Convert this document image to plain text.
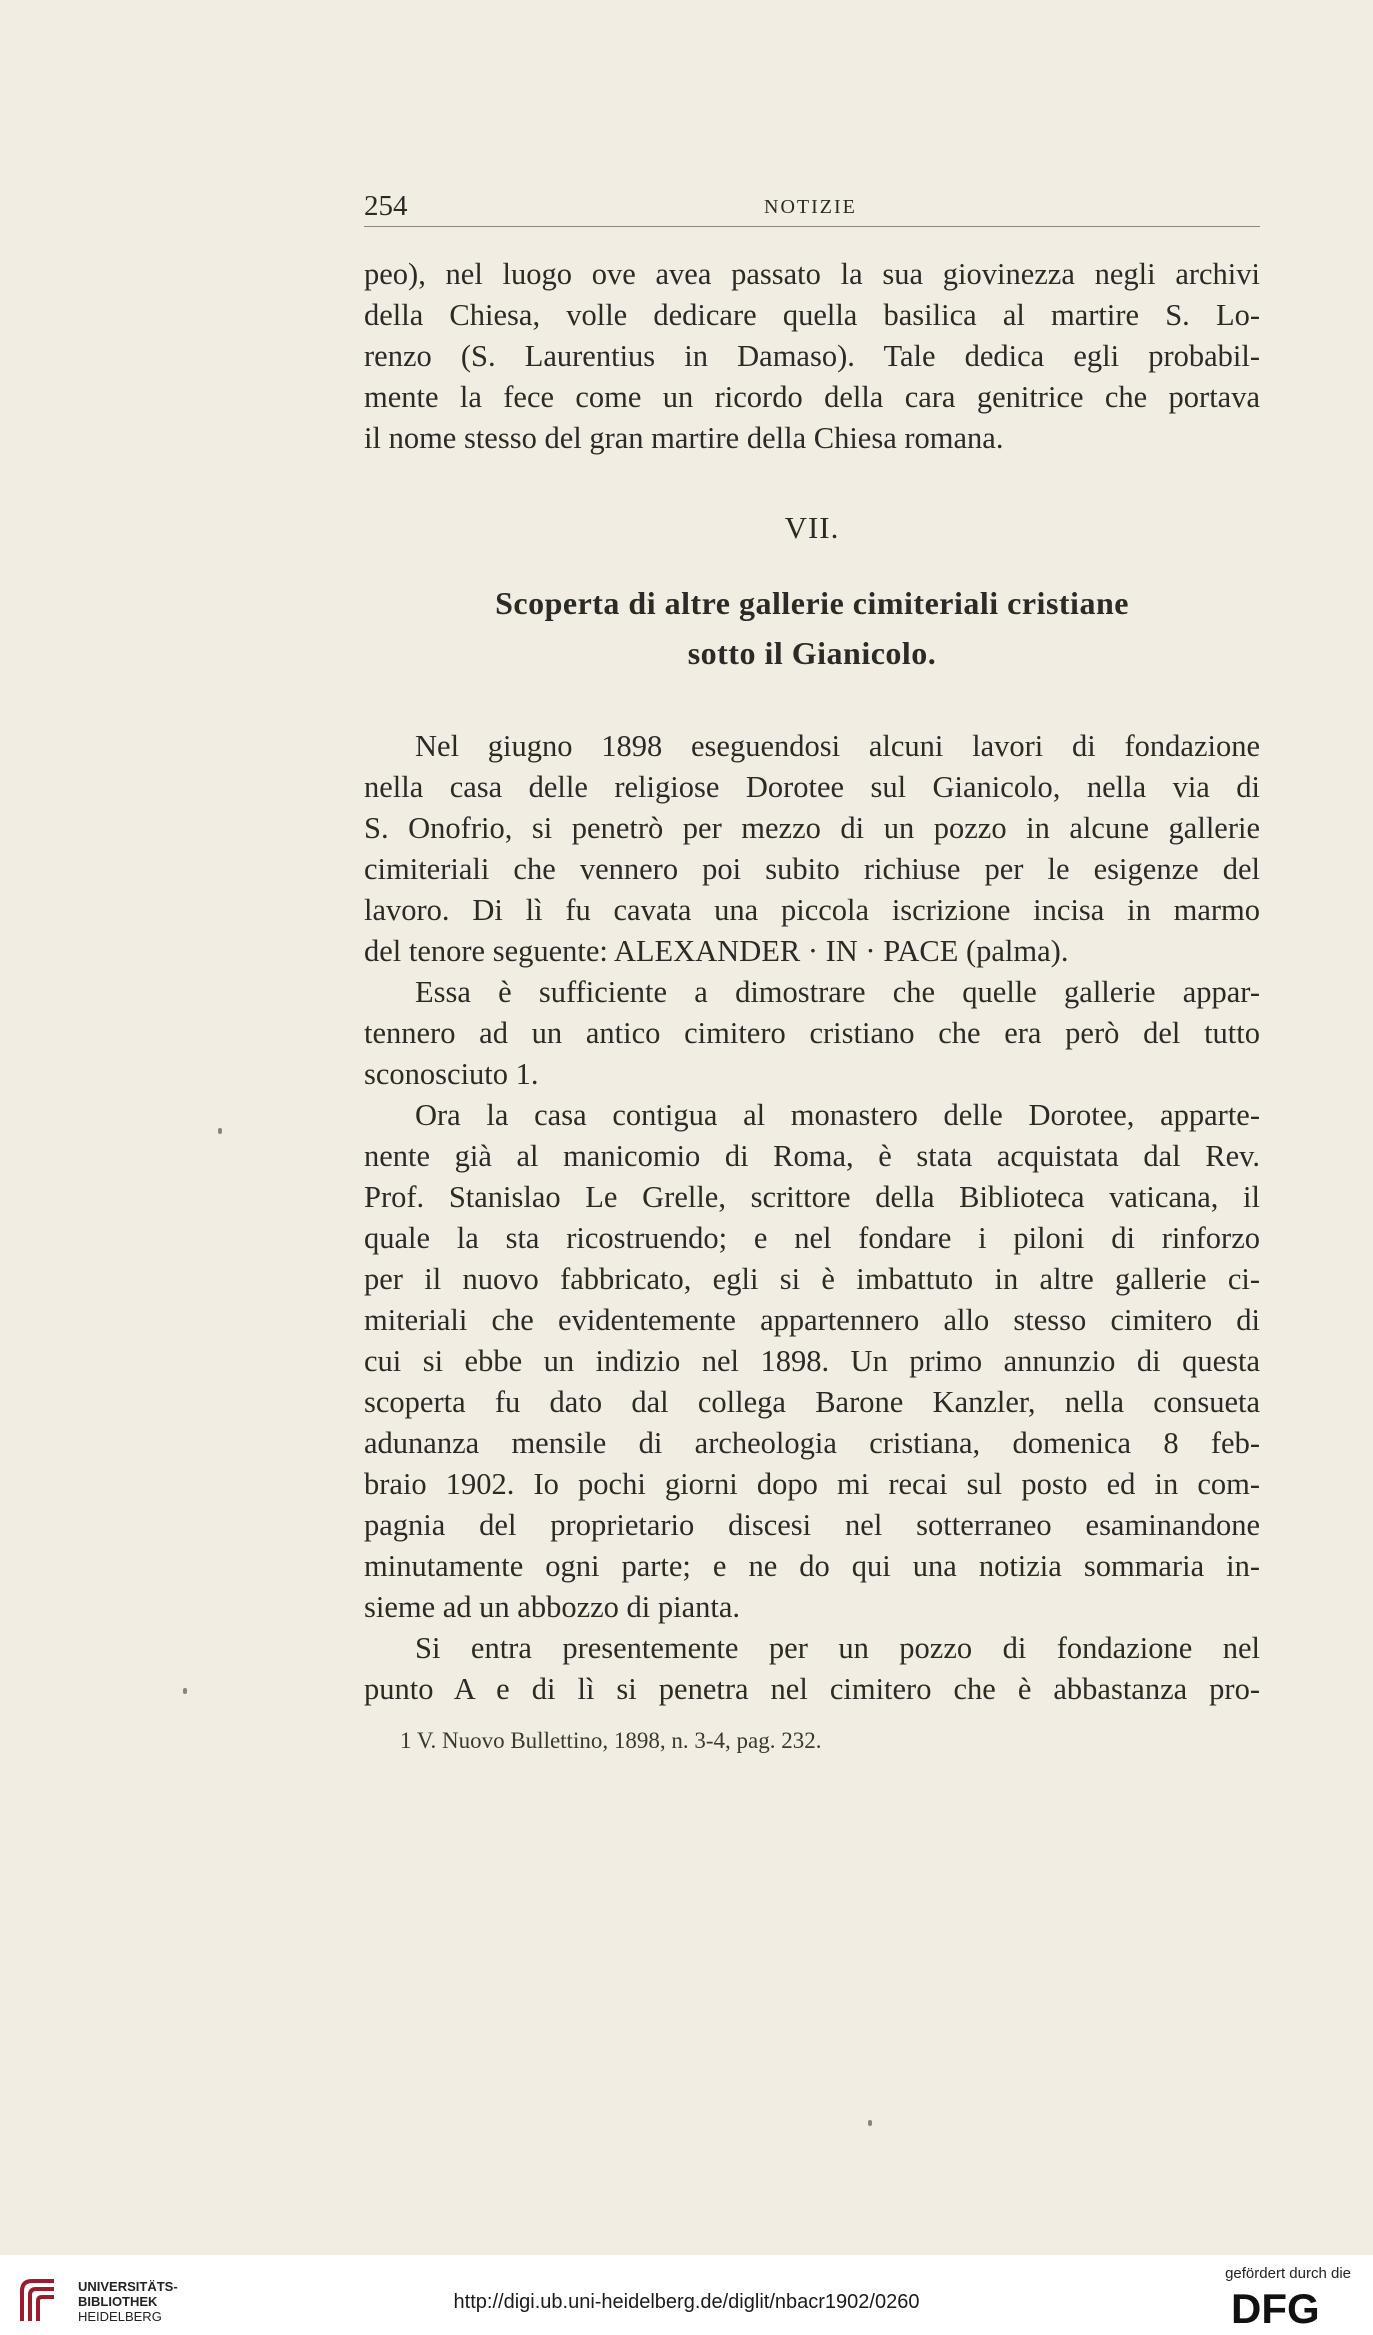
254	NOTIZIE

peo), nel luogo ove avea passato la sua giovinezza negli archivi
della Chiesa, volle dedicare quella basilica al martire S. Lo-
renzo (S. Laurentius in Damaso). Tale dedica egli probabil-
mente la fece come un ricordo della cara genitrice che portava
il nome stesso del gran martire della Chiesa romana.

VII.
Scoperta di altre gallerie cimiteriali cristiane
sotto il Gianicolo.

Nel giugno 1898 eseguendosi alcuni lavori di fondazione
nella casa delle religiose Dorotee sul Gianicolo, nella via di
S. Onofrio, si penetrò per mezzo di un pozzo in alcune gallerie
cimiteriali che vennero poi subito richiuse per le esigenze del
lavoro. Di lì fu cavata una piccola iscrizione incisa in marmo
del tenore seguente: ALEXANDER · IN · PACE (palma).

Essa è sufficiente a dimostrare che quelle gallerie appar-
tennero ad un antico cimitero cristiano che era però del tutto
sconosciuto 1.

Ora la casa contigua al monastero delle Dorotee, apparte-
nente già al manicomio di Roma, è stata acquistata dal Rev.
Prof. Stanislao Le Grelle, scrittore della Biblioteca vaticana, il
quale la sta ricostruendo; e nel fondare i piloni di rinforzo
per il nuovo fabbricato, egli si è imbattuto in altre gallerie ci-
miteriali che evidentemente appartennero allo stesso cimitero di
cui si ebbe un indizio nel 1898. Un primo annunzio di questa
scoperta fu dato dal collega Barone Kanzler, nella consueta
adunanza mensile di archeologia cristiana, domenica 8 feb-
braio 1902. Io pochi giorni dopo mi recai sul posto ed in com-
pagnia del proprietario discesi nel sotterraneo esaminandone
minutamente ogni parte; e ne do qui una notizia sommaria in-
sieme ad un abbozzo di pianta.

Si entra presentemente per un pozzo di fondazione nel
punto A e di lì si penetra nel cimitero che è abbastanza pro-

1 V. Nuovo Bullettino, 1898, n. 3-4, pag. 232.
UNIVERSITÄTS-
BIBLIOTHEK
HEIDELBERG
http://digi.ub.uni-heidelberg.de/diglit/nbacr1902/0260
gefördert durch die
DFG
